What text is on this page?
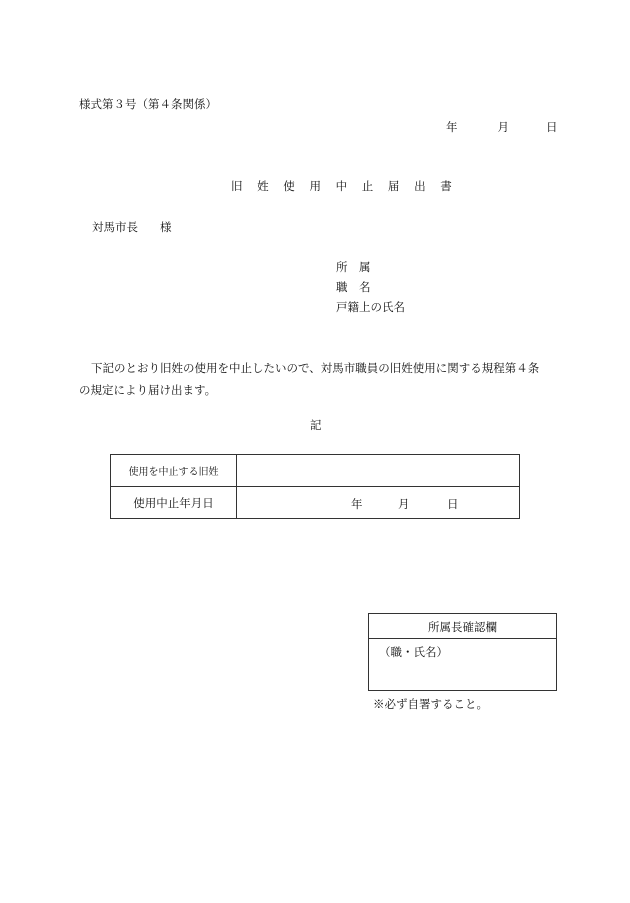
様式第３号（第４条関係）
年	月	日
旧 姓 使 用 中 止 届 出 書
対馬市長 様
所　属
職　名
戸籍上の氏名
下記のとおり旧姓の使用を中止したいので、対馬市職員の旧姓使用に関する規程第４条
の規定により届け出ます。
記
使用を中止する旧姓	
使用中止年月日	年 月 日
所属長確認欄
（職・氏名）
※必ず自署すること。
